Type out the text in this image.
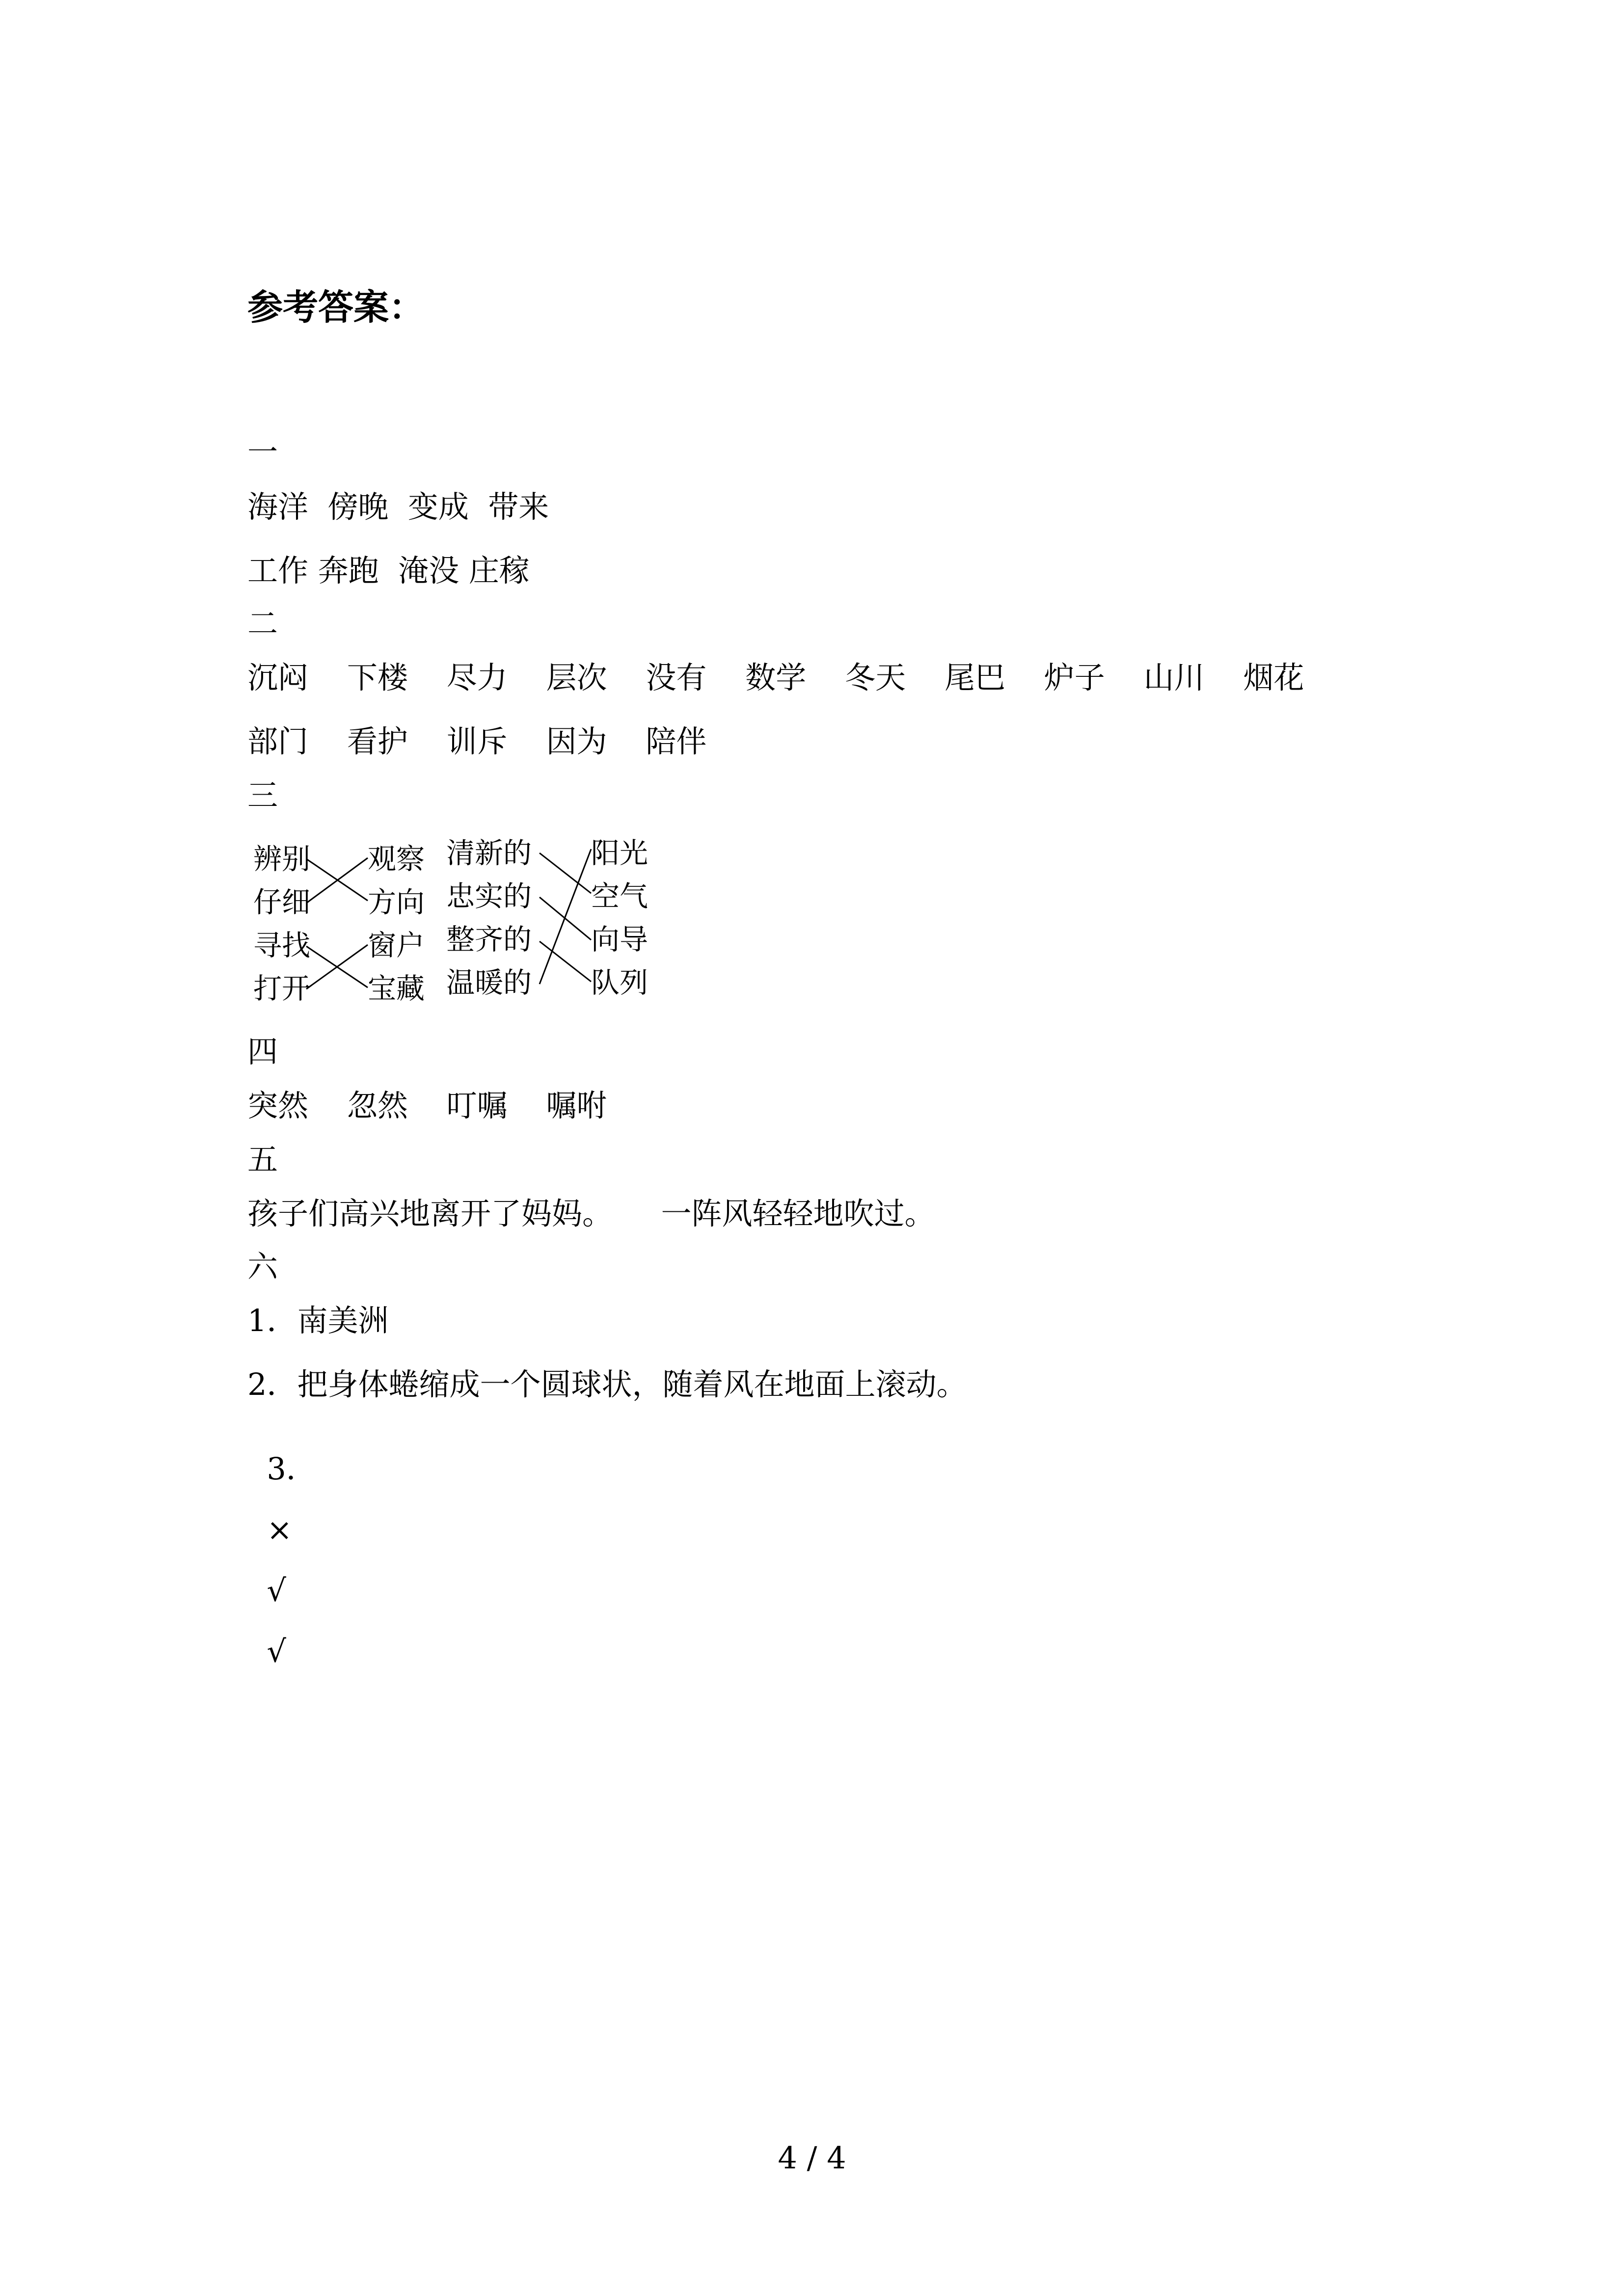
参考答案：
一
海洋  傍晚  变成  带来
工作 奔跑  淹没 庄稼
二
沉闷    下楼    尽力    层次    没有    数学    冬天    尾巴    炉子    山川    烟花
部门    看护    训斥    因为    陪伴
三
辨别
仔细
寻找
打开
观察
方向
窗户
宝藏
清新的
忠实的
整齐的
温暖的
阳光
空气
向导
队列
四
突然    忽然    叮嘱    嘱咐
五
孩子们高兴地离开了妈妈。     一阵风轻轻地吹过。
六
1．南美洲
2．把身体蜷缩成一个圆球状，随着风在地面上滚动。

3．

×

√

√

4 / 4
